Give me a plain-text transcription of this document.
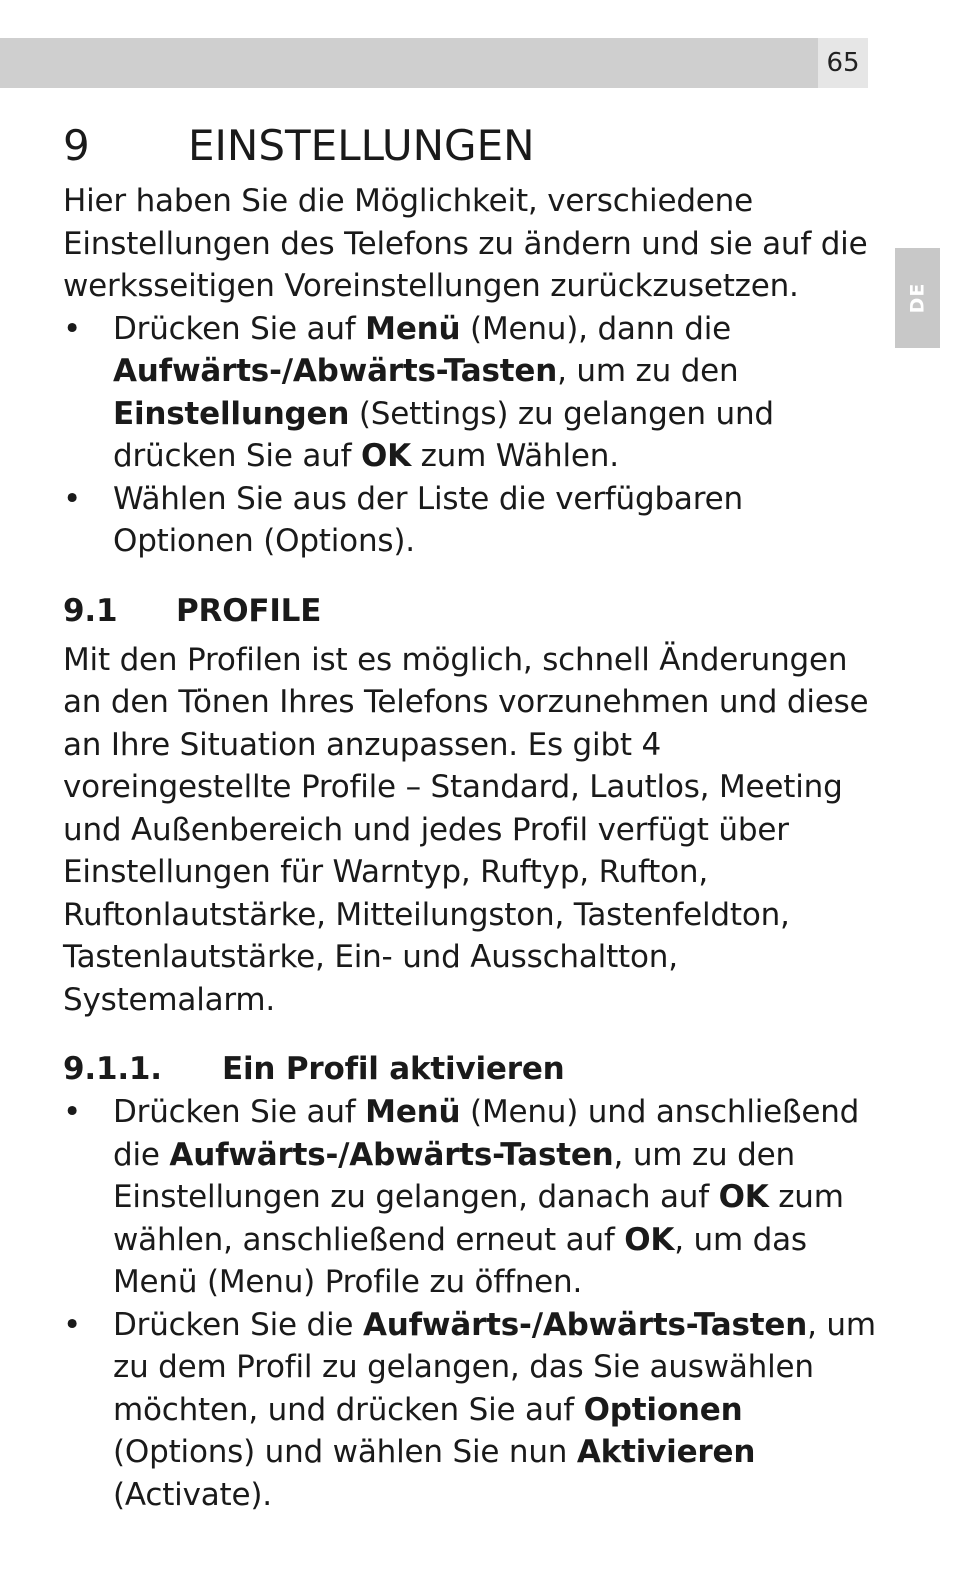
65
DE
9	EINSTELLUNGEN

Hier haben Sie die Möglichkeit, verschiedene Einstellungen des Telefons zu ändern und sie auf die werksseitigen Voreinstellungen zurückzusetzen.

• Drücken Sie auf Menü (Menu), dann die Aufwärts-/Abwärts-Tasten, um zu den Einstellungen (Settings) zu gelangen und drücken Sie auf OK zum Wählen.
• Wählen Sie aus der Liste die verfügbaren Optionen (Options).
9.1	PROFILE

Mit den Profilen ist es möglich, schnell Änderungen an den Tönen Ihres Telefons vorzunehmen und diese an Ihre Situation anzupassen. Es gibt 4 voreingestellte Profile – Standard, Lautlos, Meeting und Außenbereich und jedes Profil verfügt über Einstellungen für Warntyp, Ruftyp, Rufton, Ruftonlautstärke, Mitteilungston, Tastenfeldton, Tastenlautstärke, Ein- und Ausschaltton, Systemalarm.

9.1.1.	Ein Profil aktivieren
• Drücken Sie auf Menü (Menu) und anschließend die Aufwärts-/Abwärts-Tasten, um zu den Einstellungen zu gelangen, danach auf OK zum wählen, anschließend erneut auf OK, um das Menü (Menu) Profile zu öffnen.
• Drücken Sie die Aufwärts-/Abwärts-Tasten, um zu dem Profil zu gelangen, das Sie auswählen möchten, und drücken Sie auf Optionen (Options) und wählen Sie nun Aktivieren (Activate).
